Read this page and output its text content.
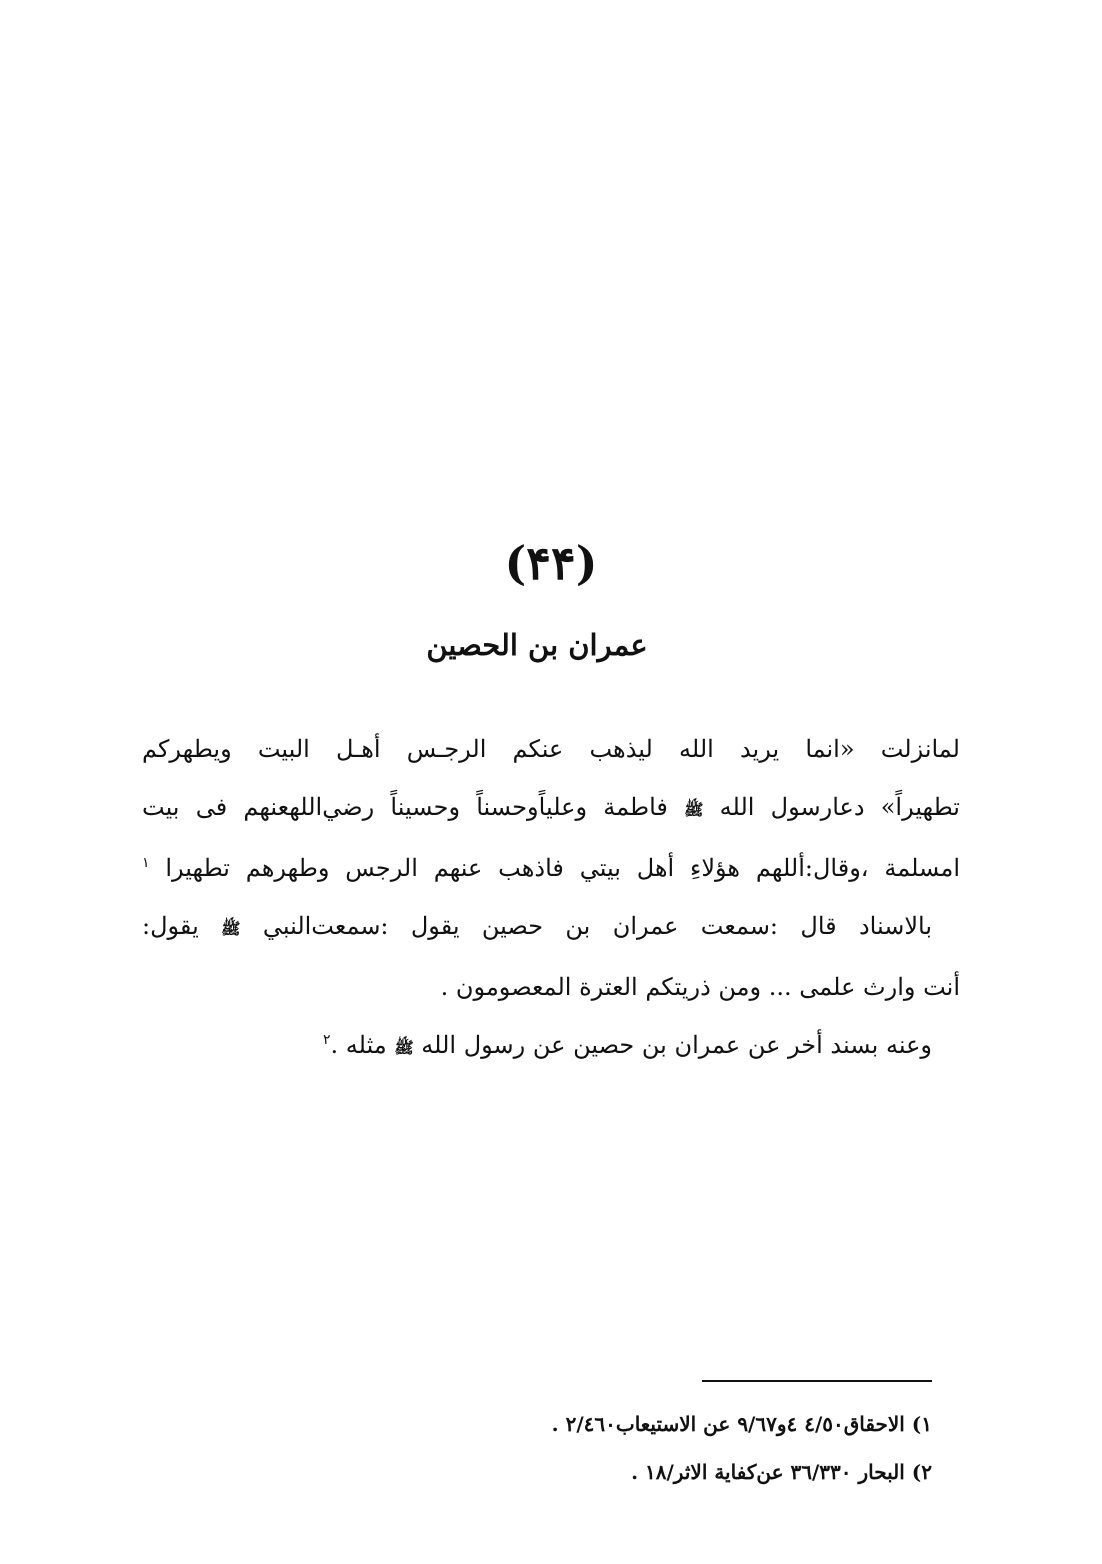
(۴۴)
عمران بن الحصين
لمانزلت «انما يريد الله ليذهب عنكم الرجـس أهـل البيت ويطهركم
تطهيراً» دعارسول الله ﷺ فاطمة وعلياًوحسناً وحسيناً رضي‌اللهعنهم فى بيت
امسلمة ،وقال:أللهم هؤلاءِ أهل بيتي فاذهب عنهم الرجس وطهرهم تطهيرا $^١$
بالاسناد قال :سمعت عمران بن حصين يقول :سمعت‌النبي ﷺ يقول:
أنت وارث علمى ... ومن ذريتكم العترة المعصومون .
وعنه بسند أخر عن عمران بن حصين عن رسول الله ﷺ مثله .$^٢$
١) الاحقاق٤/٥٠ ٤و٩/٦٧ عن الاستيعاب٢/٤٦٠ .
٢) البحار ٣٦/٣٣٠ عن‌كفاية الاثر/١٨ .
